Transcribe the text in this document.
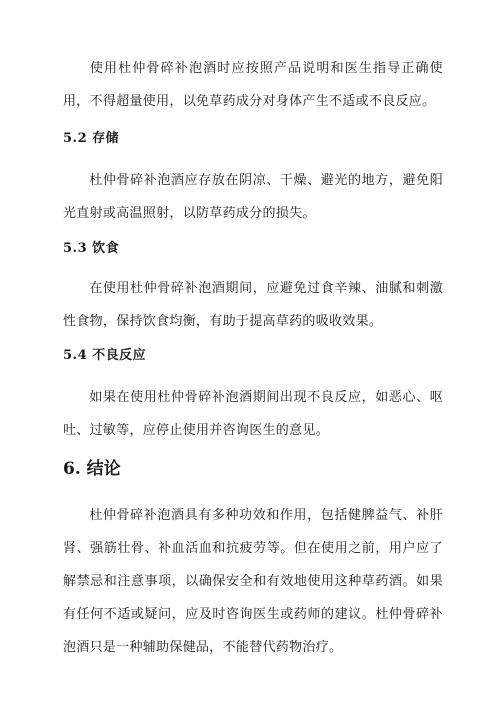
使用杜仲骨碎补泡酒时应按照产品说明和医生指导正确使用，不得超量使用，以免草药成分对身体产生不适或不良反应。

5.2 存储

杜仲骨碎补泡酒应存放在阴凉、干燥、避光的地方，避免阳光直射或高温照射，以防草药成分的损失。

5.3 饮食

在使用杜仲骨碎补泡酒期间，应避免过食辛辣、油腻和刺激性食物，保持饮食均衡，有助于提高草药的吸收效果。

5.4 不良反应

如果在使用杜仲骨碎补泡酒期间出现不良反应，如恶心、呕吐、过敏等，应停止使用并咨询医生的意见。

6. 结论

杜仲骨碎补泡酒具有多种功效和作用，包括健脾益气、补肝肾、强筋壮骨、补血活血和抗疲劳等。但在使用之前，用户应了解禁忌和注意事项，以确保安全和有效地使用这种草药酒。如果有任何不适或疑问，应及时咨询医生或药师的建议。杜仲骨碎补泡酒只是一种辅助保健品，不能替代药物治疗。
